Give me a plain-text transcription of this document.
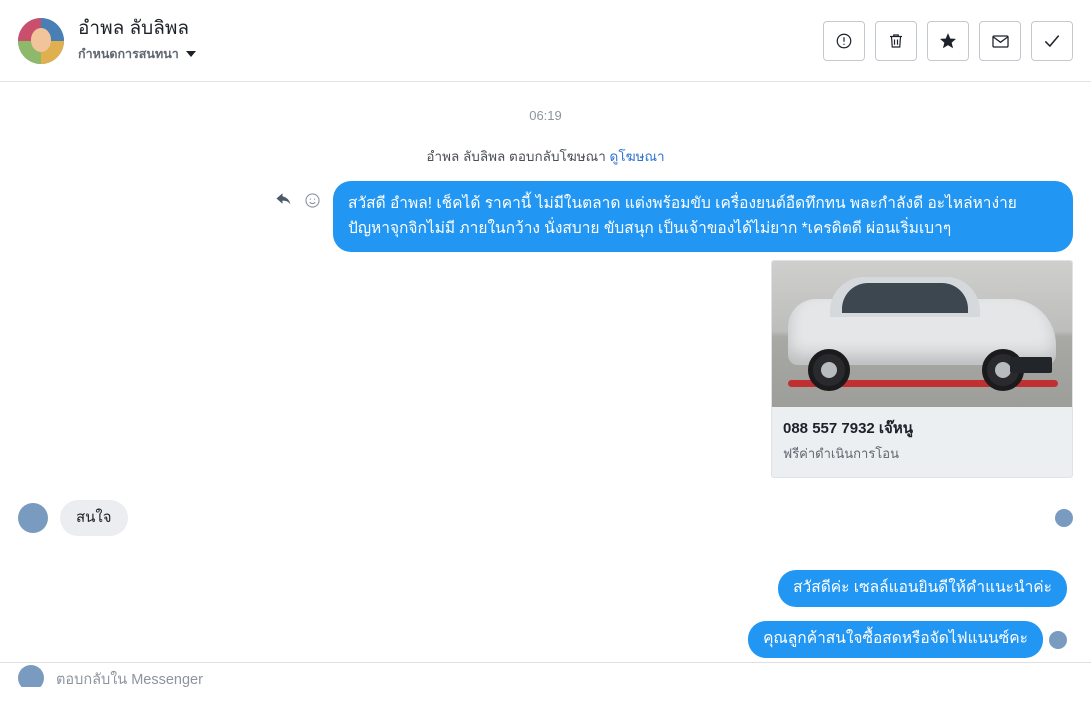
อำพล ลับลิพล
กำหนดการสนทนา
06:19
อำพล ลับลิพล ตอบกลับโฆษณา ดูโฆษณา
สวัสดี อำพล! เช็คได้ ราคานี้ ไม่มีในตลาด แต่งพร้อมขับ เครื่องยนต์อืดทึกทน พละกำลังดี อะไหล่หาง่าย ปัญหาจุกจิกไม่มี ภายในกว้าง นั่งสบาย ขับสนุก เป็นเจ้าของได้ไม่ยาก *เครดิตดี ผ่อนเริ่มเบาๆ
088 557 7932 เจ๊หนู
ฟรีค่าดำเนินการโอน
สนใจ
สวัสดีค่ะ เซลล์แอนยินดีให้คำแนะนำค่ะ
คุณลูกค้าสนใจซื้อสดหรือจัดไฟแนนซ์คะ
ตอบกลับใน Messenger
